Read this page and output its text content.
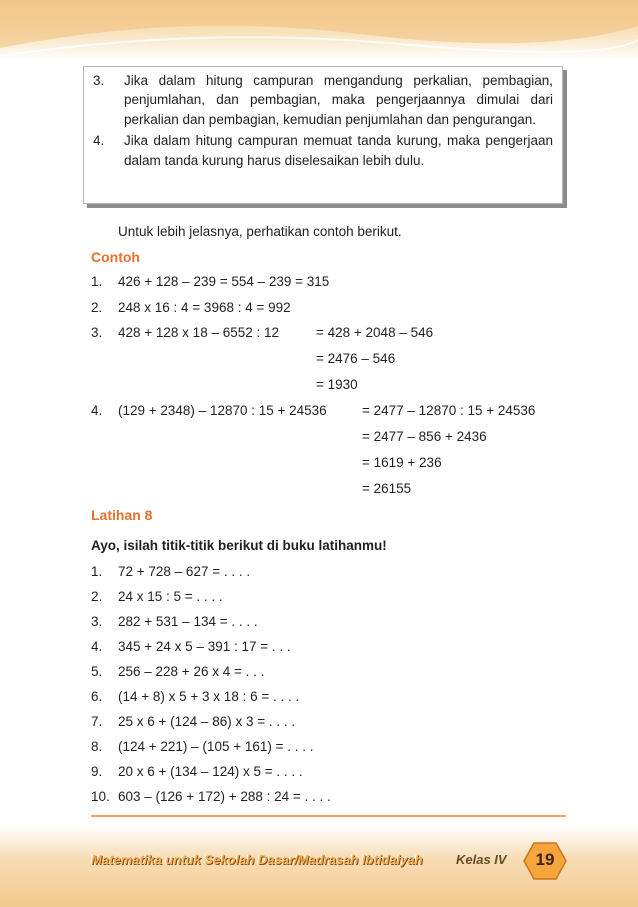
3.	Jika dalam hitung campuran mengandung perkalian, pembagian, penjumlahan, dan pembagian, maka pengerjaannya dimulai dari perkalian dan pembagian, kemudian penjumlahan dan pengurangan.
4.	Jika dalam hitung campuran memuat tanda kurung, maka pengerjaan dalam tanda kurung harus diselesaikan lebih dulu.
Untuk lebih jelasnya, perhatikan contoh berikut.
Contoh
1. 426 + 128 – 239 = 554 – 239 = 315
2. 248 x 16 : 4 = 3968 : 4 = 992
3. 428 + 128 x 18 – 6552 : 12	= 428 + 2048 – 546
= 2476 – 546
= 1930
4. (129 + 2348) – 12870 : 15 + 24536	= 2477 – 12870 : 15 + 24536
= 2477 – 856 + 2436
= 1619 + 236
= 26155
Latihan 8
Ayo, isilah titik-titik berikut di buku latihanmu!
1. 72 + 728 – 627 = . . . .
2. 24 x 15 : 5 = . . . .
3. 282 + 531 – 134 = . . . .
4. 345 + 24 x 5 – 391 : 17 = . . .
5. 256 – 228 + 26 x 4 = . . .
6. (14 + 8) x 5 + 3 x 18 : 6 = . . . .
7. 25 x 6 + (124 – 86) x 3 = . . . .
8. (124 + 221) – (105 + 161) = . . . .
9. 20 x 6 + (134 – 124) x 5 = . . . .
10. 603 – (126 + 172) + 288 : 24 = . . . .
Matematika untuk Sekolah Dasar/Madrasah Ibtidaiyah	Kelas IV	19
